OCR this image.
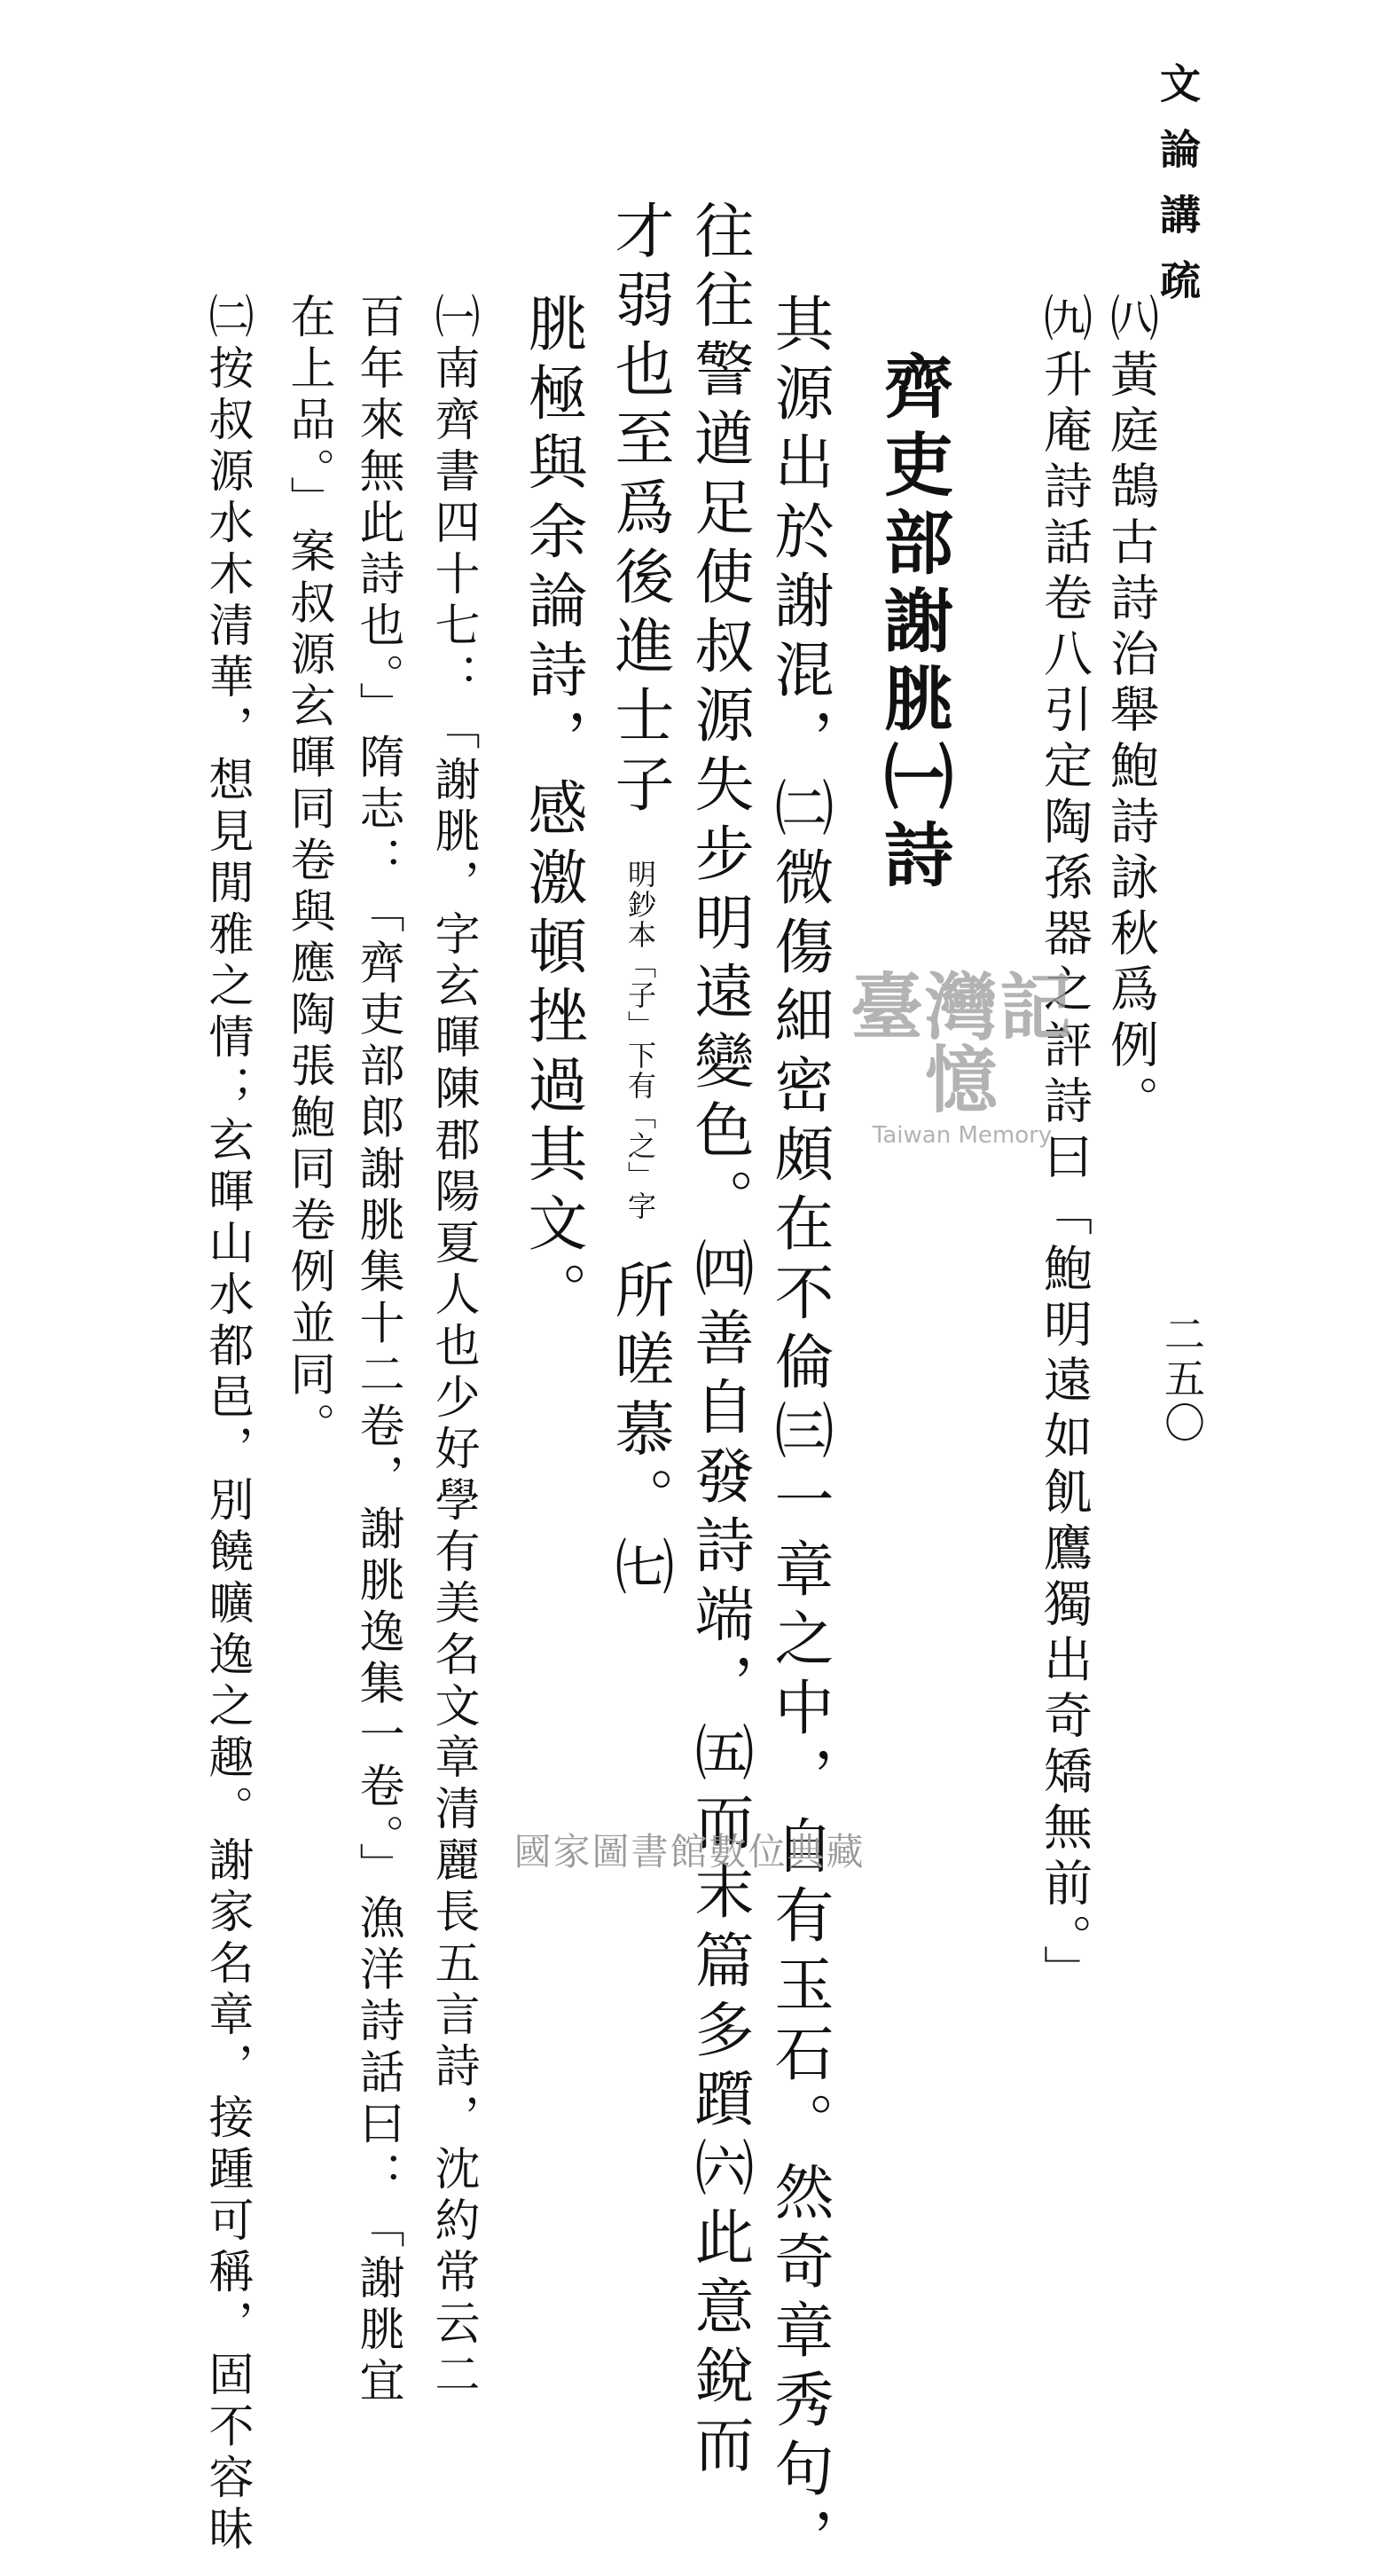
文論講疏
二五〇
㈧黃庭鵠古詩治舉鮑詩詠秋爲例。
㈨升庵詩話卷八引定陶孫器之評詩曰「鮑明遠如飢鷹獨出奇矯無前。」
齊吏部謝朓㈠詩
其源出於謝混，㈡微傷細密頗在不倫㈢一章之中，自有玉石。然奇章秀句，
往往警遒足使叔源失步明遠變色。㈣善自發詩端，㈤而末篇多躓㈥此意銳而
才弱也至爲後進士子 明鈔本「子」下有「之」字 所嗟慕。㈦
朓極與余論詩，感激頓挫過其文。
㈠南齊書四十七：「謝朓，字玄暉陳郡陽夏人也少好學有美名文章清麗長五言詩，沈約常云二
百年來無此詩也。」隋志：「齊吏部郎謝朓集十二卷，謝朓逸集一卷。」漁洋詩話曰：「謝朓宜
在上品。」案叔源玄暉同卷與應陶張鮑同卷例並同。
㈡按叔源水木清華，想見閒雅之情；玄暉山水都邑，別饒曠逸之趣。謝家名章，接踵可稱，固不容昧	臺灣記憶
Taiwan Memory
國家圖書館數位典藏
